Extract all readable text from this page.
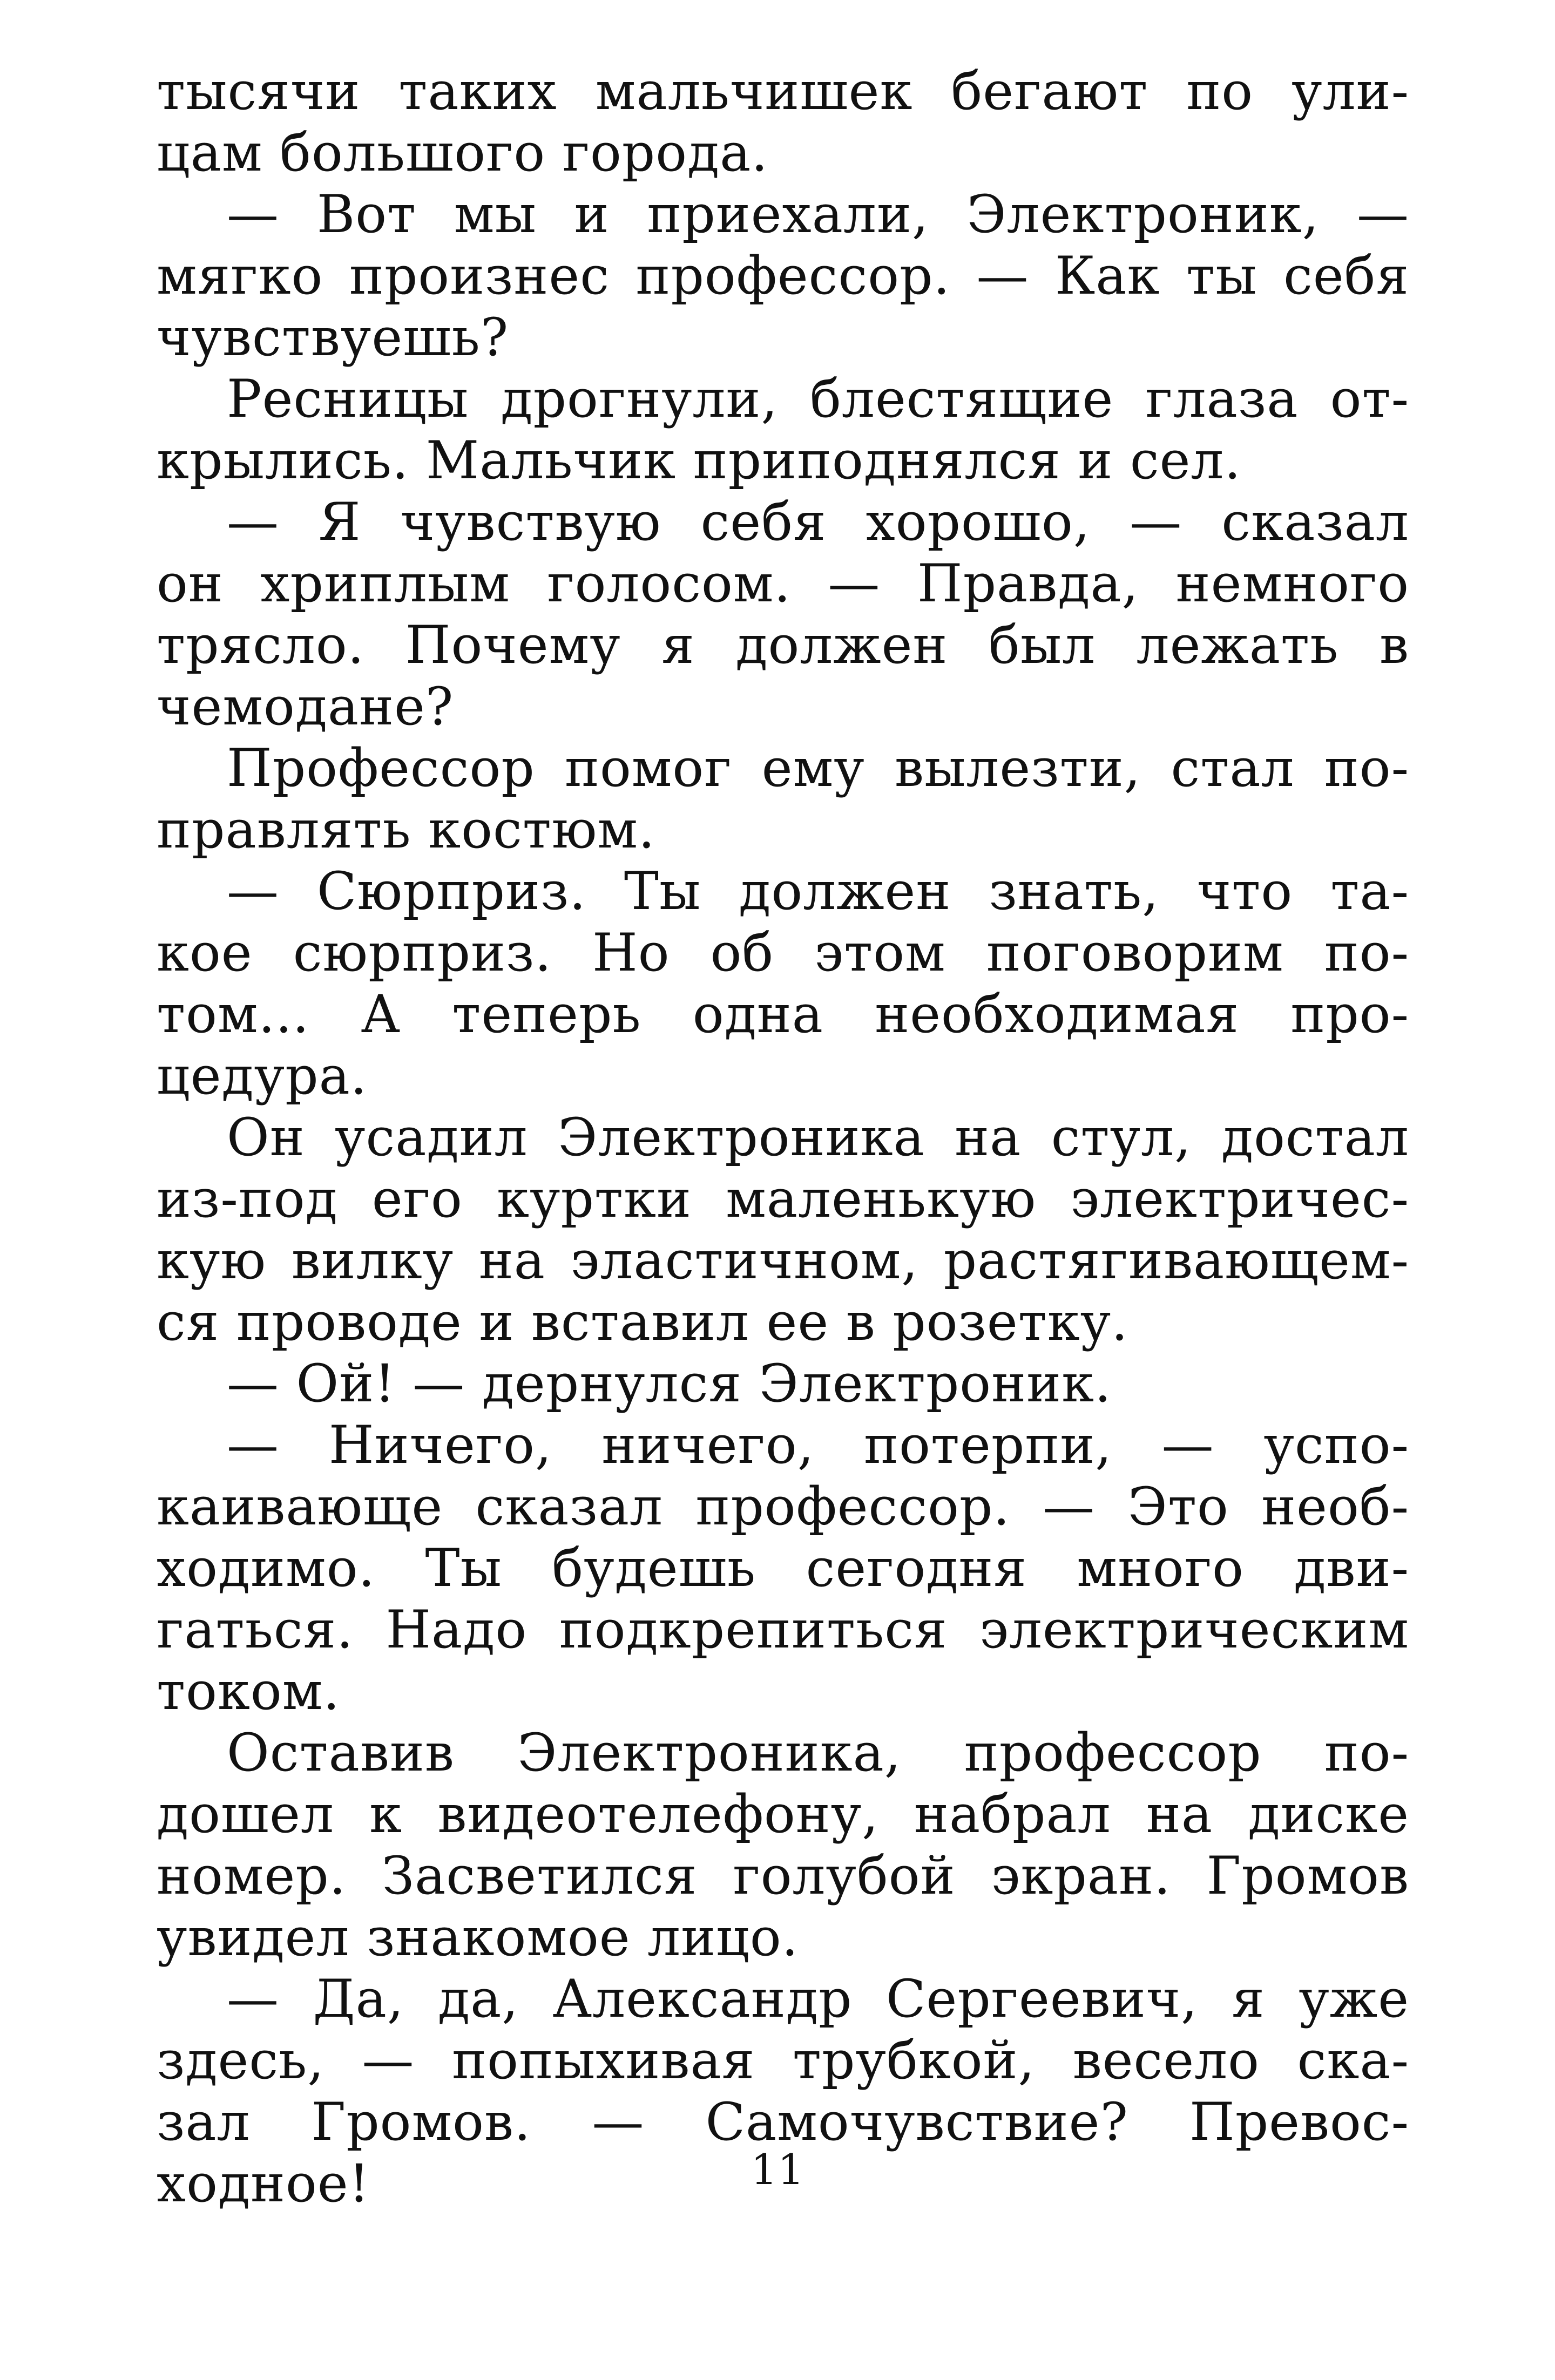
тысячи таких мальчишек бегают по ули-
цам большого города.

— Вот мы и приехали, Электроник, —
мягко произнес профессор. — Как ты себя
чувствуешь?

Ресницы дрогнули, блестящие глаза от-
крылись. Мальчик приподнялся и сел.

— Я чувствую себя хорошо, — сказал
он хриплым голосом. — Правда, немного
трясло. Почему я должен был лежать в
чемодане?

Профессор помог ему вылезти, стал по-
правлять костюм.

— Сюрприз. Ты должен знать, что та-
кое сюрприз. Но об этом поговорим по-
том... А теперь одна необходимая про-
цедура.

Он усадил Электроника на стул, достал
из-под его куртки маленькую электричес-
кую вилку на эластичном, растягивающем-
ся проводе и вставил ее в розетку.

— Ой! — дернулся Электроник.

— Ничего, ничего, потерпи, — успо-
каивающе сказал профессор. — Это необ-
ходимо. Ты будешь сегодня много дви-
гаться. Надо подкрепиться электрическим
током.

Оставив Электроника, профессор по-
дошел к видеотелефону, набрал на диске
номер. Засветился голубой экран. Громов
увидел знакомое лицо.

— Да, да, Александр Сергеевич, я уже
здесь, — попыхивая трубкой, весело ска-
зал Громов. — Самочувствие? Превос-
ходное!	11
